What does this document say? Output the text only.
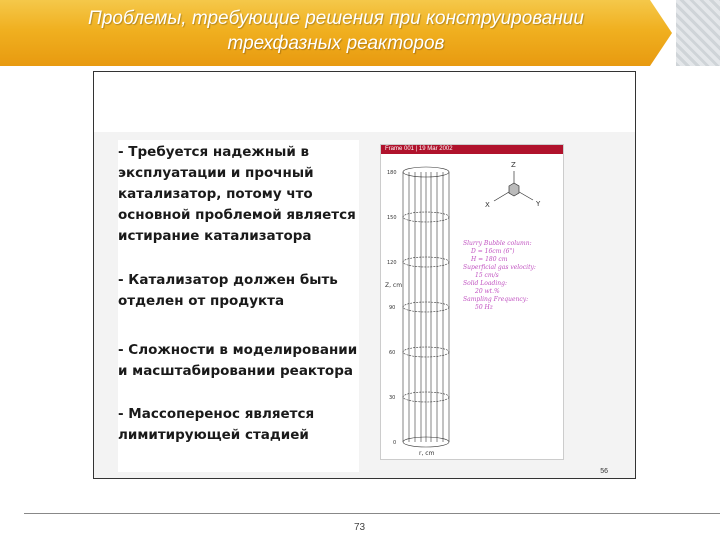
Проблемы, требующие решения при конструировании
трехфазных реакторов
- Требуется надежный в эксплуатации и прочный катализатор, потому что основной проблемой является истирание катализатора
- Катализатор должен быть отделен от продукта
- Сложности в моделировании и масштабировании реактора
- Массоперенос является лимитирующей стадией
Frame 001 | 19 Mar 2002
180
150
120
90
60
30
0
Z, cm
r, cm
Z
X	Y
Slurry Bubble column:
D = 16cm (6")
H = 180 cm
Superficial gas velocity:
15 cm/s
Solid Loading:
20 wt.%
Sampling Frequency:
50 Hz
56
73
